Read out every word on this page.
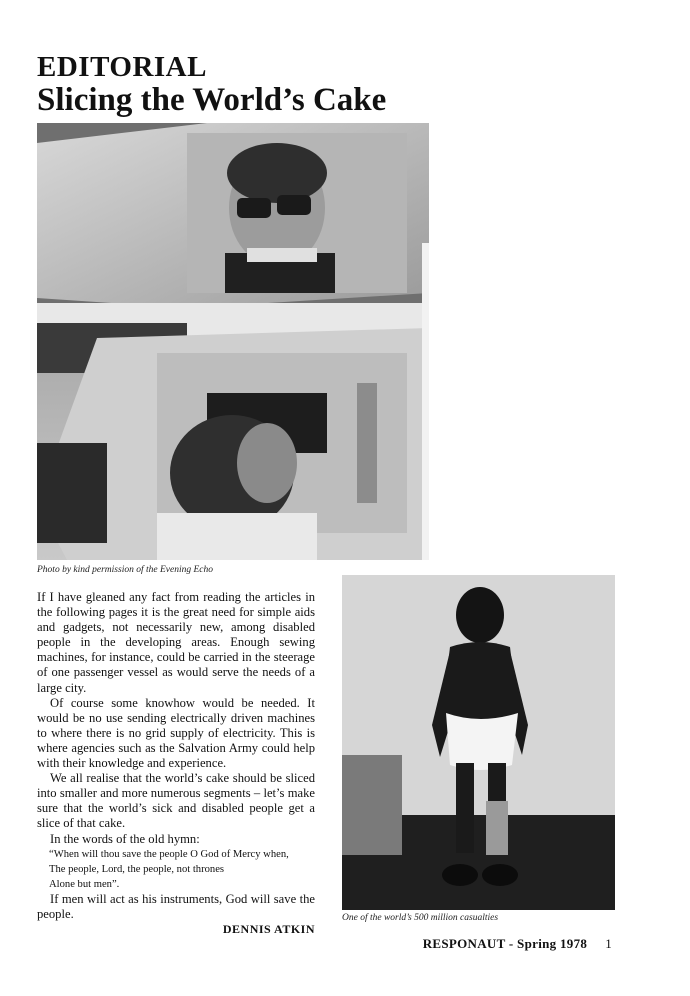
EDITORIAL
Slicing the World’s Cake
Photo by kind permission of the Evening Echo

If I have gleaned any fact from reading the articles in the following pages it is the great need for simple aids and gadgets, not necessarily new, among disabled people in the developing areas. Enough sewing machines, for instance, could be carried in the steerage of one passenger vessel as would serve the needs of a large city.

Of course some knowhow would be needed. It would be no use sending electrically driven machines to where there is no grid supply of electricity. This is where agencies such as the Salvation Army could help with their knowledge and experience.

We all realise that the world’s cake should be sliced into smaller and more numerous segments – let’s make sure that the world’s sick and disabled people get a slice of that cake.

In the words of the old hymn:

“When will thou save the people O God of Mercy when,
The people, Lord, the people, not thrones
Alone but men”.

If men will act as his instruments, God will save the people.

DENNIS ATKIN
One of the world’s 500 million casualties
RESPONAUT - Spring 1978 1
